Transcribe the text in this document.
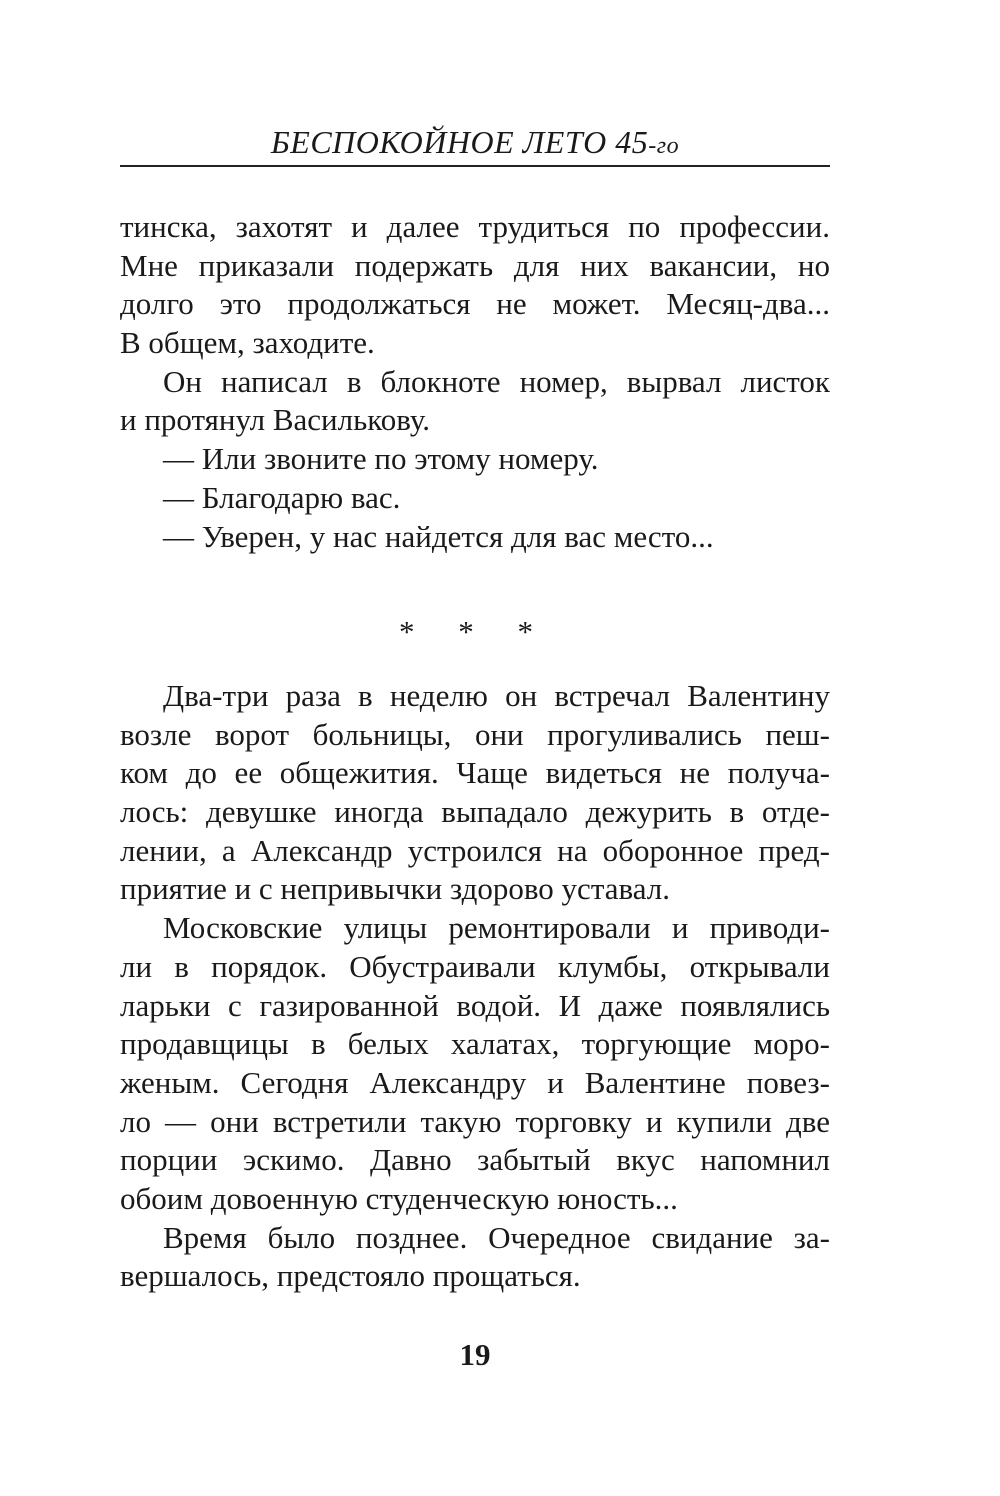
БЕСПОКОЙНОЕ ЛЕТО 45-го
тинска, захотят и далее трудиться по профессии.
Мне приказали подержать для них вакансии, но
долго это продолжаться не может. Месяц-два...
В общем, заходите.
Он написал в блокноте номер, вырвал листок
и протянул Василькову.
— Или звоните по этому номеру.
— Благодарю вас.
— Уверен, у нас найдется для вас место...
* * *
Два-три раза в неделю он встречал Валентину
возле ворот больницы, они прогуливались пеш-
ком до ее общежития. Чаще видеться не получа-
лось: девушке иногда выпадало дежурить в отде-
лении, а Александр устроился на оборонное пред-
приятие и с непривычки здорово уставал.
Московские улицы ремонтировали и приводи-
ли в порядок. Обустраивали клумбы, открывали
ларьки с газированной водой. И даже появлялись
продавщицы в белых халатах, торгующие моро-
женым. Сегодня Александру и Валентине повез-
ло — они встретили такую торговку и купили две
порции эскимо. Давно забытый вкус напомнил
обоим довоенную студенческую юность...
Время было позднее. Очередное свидание за-
вершалось, предстояло прощаться.
19
